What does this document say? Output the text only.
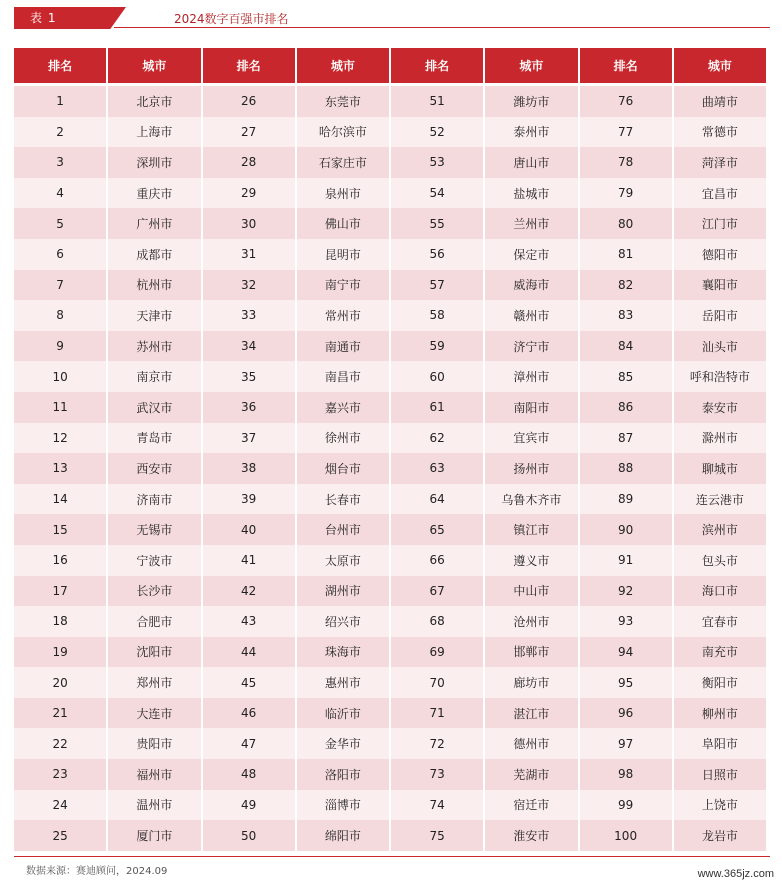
表 1	2024数字百强市排名
排名	城市	排名	城市	排名	城市	排名	城市
1	北京市	26	东莞市	51	潍坊市	76	曲靖市
2	上海市	27	哈尔滨市	52	泰州市	77	常德市
3	深圳市	28	石家庄市	53	唐山市	78	菏泽市
4	重庆市	29	泉州市	54	盐城市	79	宜昌市
5	广州市	30	佛山市	55	兰州市	80	江门市
6	成都市	31	昆明市	56	保定市	81	德阳市
7	杭州市	32	南宁市	57	威海市	82	襄阳市
8	天津市	33	常州市	58	赣州市	83	岳阳市
9	苏州市	34	南通市	59	济宁市	84	汕头市
10	南京市	35	南昌市	60	漳州市	85	呼和浩特市
11	武汉市	36	嘉兴市	61	南阳市	86	泰安市
12	青岛市	37	徐州市	62	宜宾市	87	滁州市
13	西安市	38	烟台市	63	扬州市	88	聊城市
14	济南市	39	长春市	64	乌鲁木齐市	89	连云港市
15	无锡市	40	台州市	65	镇江市	90	滨州市
16	宁波市	41	太原市	66	遵义市	91	包头市
17	长沙市	42	湖州市	67	中山市	92	海口市
18	合肥市	43	绍兴市	68	沧州市	93	宜春市
19	沈阳市	44	珠海市	69	邯郸市	94	南充市
20	郑州市	45	惠州市	70	廊坊市	95	衡阳市
21	大连市	46	临沂市	71	湛江市	96	柳州市
22	贵阳市	47	金华市	72	德州市	97	阜阳市
23	福州市	48	洛阳市	73	芜湖市	98	日照市
24	温州市	49	淄博市	74	宿迁市	99	上饶市
25	厦门市	50	绵阳市	75	淮安市	100	龙岩市
数据来源：赛迪顾问，2024.09	www.365jz.com
